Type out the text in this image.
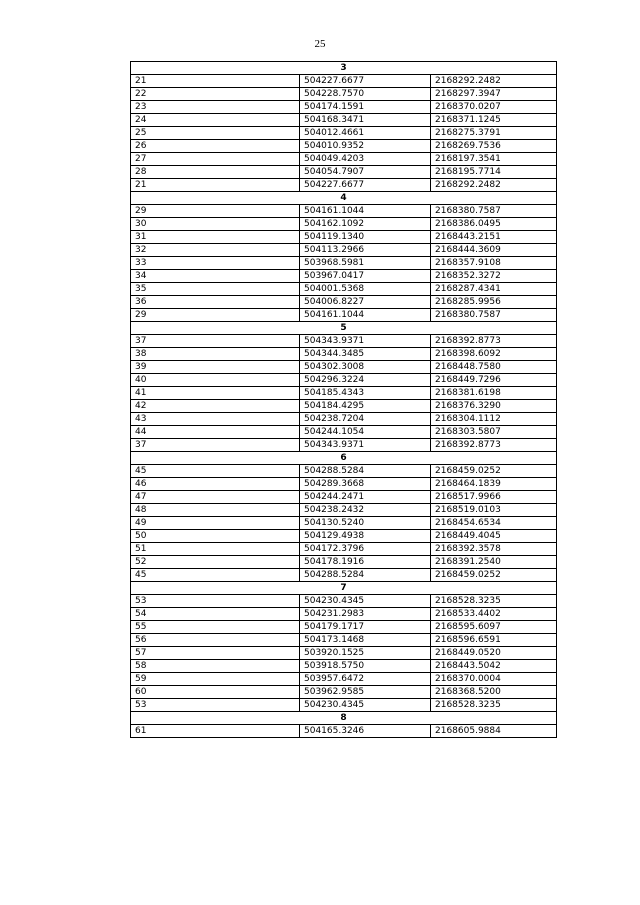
25
3		
21	504227.6677	2168292.2482
22	504228.7570	2168297.3947
23	504174.1591	2168370.0207
24	504168.3471	2168371.1245
25	504012.4661	2168275.3791
26	504010.9352	2168269.7536
27	504049.4203	2168197.3541
28	504054.7907	2168195.7714
21	504227.6677	2168292.2482
4		
29	504161.1044	2168380.7587
30	504162.1092	2168386.0495
31	504119.1340	2168443.2151
32	504113.2966	2168444.3609
33	503968.5981	2168357.9108
34	503967.0417	2168352.3272
35	504001.5368	2168287.4341
36	504006.8227	2168285.9956
29	504161.1044	2168380.7587
5		
37	504343.9371	2168392.8773
38	504344.3485	2168398.6092
39	504302.3008	2168448.7580
40	504296.3224	2168449.7296
41	504185.4343	2168381.6198
42	504184.4295	2168376.3290
43	504238.7204	2168304.1112
44	504244.1054	2168303.5807
37	504343.9371	2168392.8773
6		
45	504288.5284	2168459.0252
46	504289.3668	2168464.1839
47	504244.2471	2168517.9966
48	504238.2432	2168519.0103
49	504130.5240	2168454.6534
50	504129.4938	2168449.4045
51	504172.3796	2168392.3578
52	504178.1916	2168391.2540
45	504288.5284	2168459.0252
7		
53	504230.4345	2168528.3235
54	504231.2983	2168533.4402
55	504179.1717	2168595.6097
56	504173.1468	2168596.6591
57	503920.1525	2168449.0520
58	503918.5750	2168443.5042
59	503957.6472	2168370.0004
60	503962.9585	2168368.5200
53	504230.4345	2168528.3235
8		
61	504165.3246	2168605.9884
